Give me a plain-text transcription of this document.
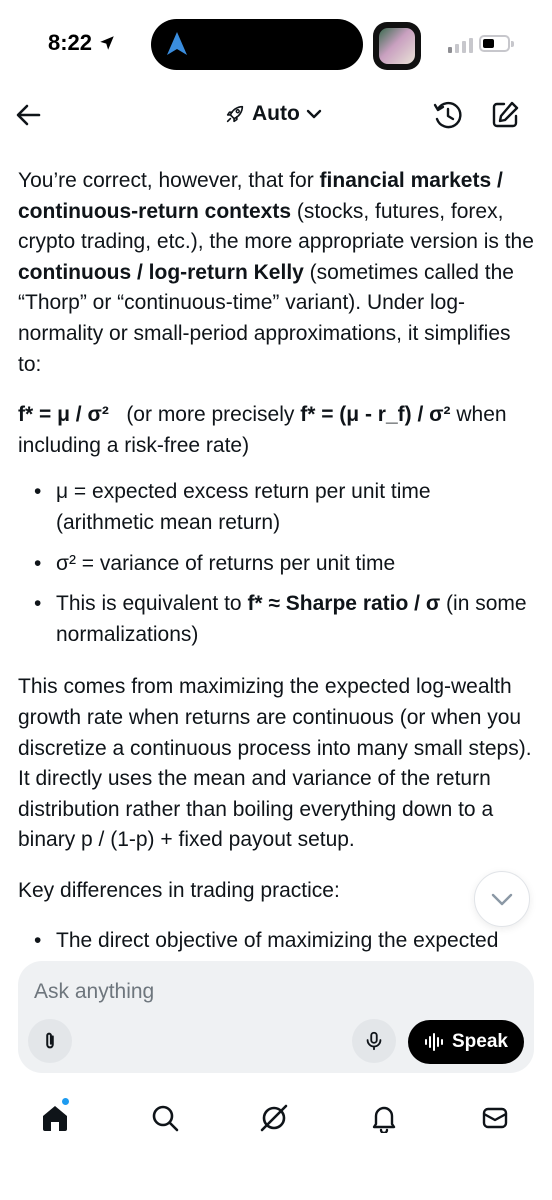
8:22
Auto

You’re correct, however, that for financial markets / continuous-return contexts (stocks, futures, forex, crypto trading, etc.), the more appropriate version is the continuous / log-return Kelly (sometimes called the “Thorp” or “continuous-time” variant). Under log-normality or small-period approximations, it simplifies to:

f* = μ / σ²   (or more precisely f* = (μ - r_f) / σ² when including a risk-free rate)

• μ = expected excess return per unit time (arithmetic mean return)
• σ² = variance of returns per unit time
• This is equivalent to f* ≈ Sharpe ratio / σ (in some normalizations)

This comes from maximizing the expected log-wealth growth rate when returns are continuous (or when you discretize a continuous process into many small steps). It directly uses the mean and variance of the return distribution rather than boiling everything down to a binary p / (1-p) + fixed payout setup.

Key differences in trading practice:

• The direct objective of maximizing the expected
Ask anything
Speak
